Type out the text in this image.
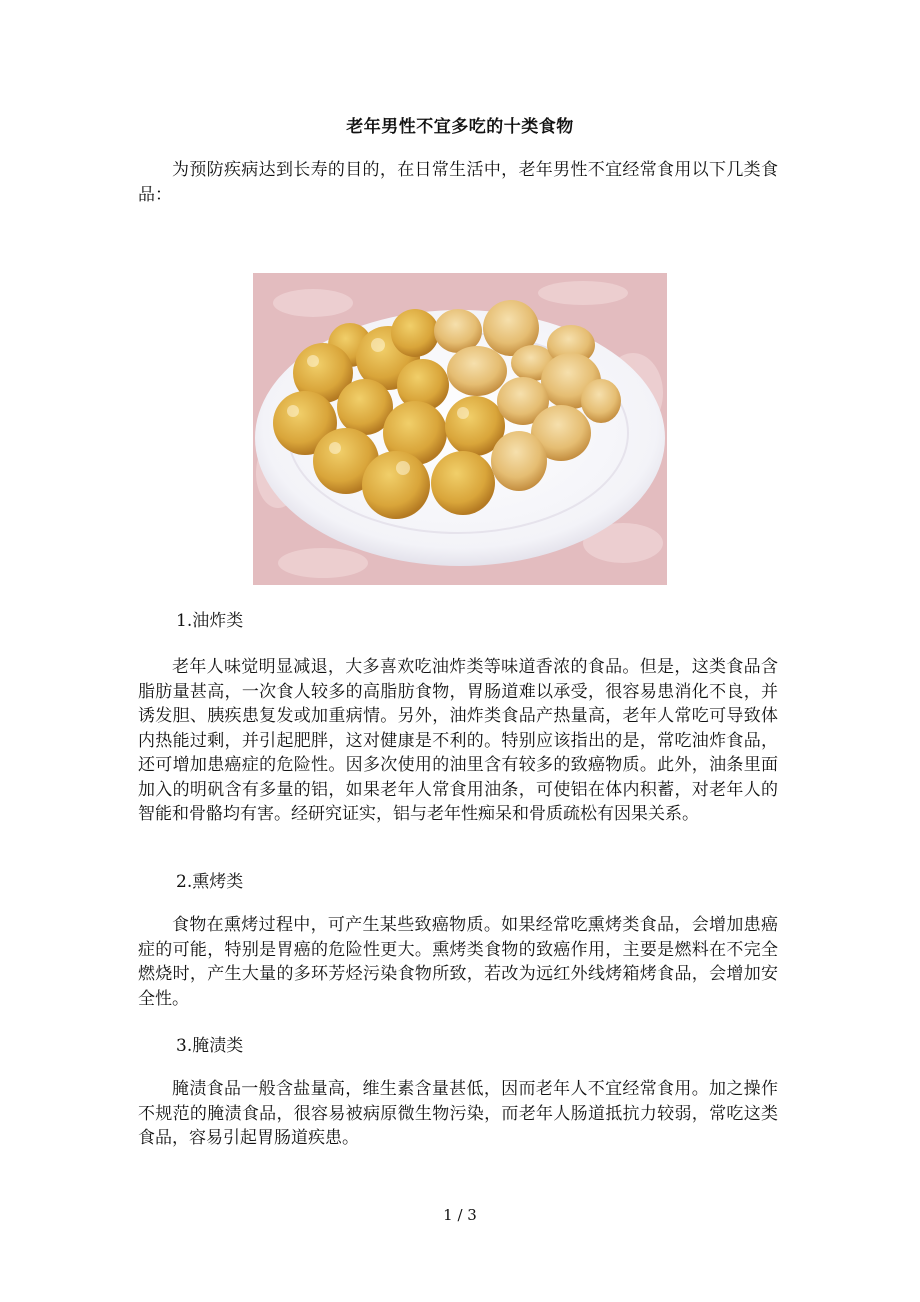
老年男性不宜多吃的十类食物
为预防疾病达到长寿的目的，在日常生活中，老年男性不宜经常食用以下几类食品：
1.油炸类
老年人味觉明显减退，大多喜欢吃油炸类等味道香浓的食品。但是，这类食品含脂肪量甚高，一次食人较多的高脂肪食物，胃肠道难以承受，很容易患消化不良，并诱发胆、胰疾患复发或加重病情。另外，油炸类食品产热量高，老年人常吃可导致体内热能过剩，并引起肥胖，这对健康是不利的。特别应该指出的是，常吃油炸食品，还可增加患癌症的危险性。因多次使用的油里含有较多的致癌物质。此外，油条里面加入的明矾含有多量的铝，如果老年人常食用油条，可使铝在体内积蓄，对老年人的智能和骨骼均有害。经研究证实，铝与老年性痴呆和骨质疏松有因果关系。
2.熏烤类
食物在熏烤过程中，可产生某些致癌物质。如果经常吃熏烤类食品，会增加患癌症的可能，特别是胃癌的危险性更大。熏烤类食物的致癌作用，主要是燃料在不完全燃烧时，产生大量的多环芳烃污染食物所致，若改为远红外线烤箱烤食品，会增加安全性。
3.腌渍类
腌渍食品一般含盐量高，维生素含量甚低，因而老年人不宜经常食用。加之操作不规范的腌渍食品，很容易被病原微生物污染，而老年人肠道抵抗力较弱，常吃这类食品，容易引起胃肠道疾患。
1 / 3
